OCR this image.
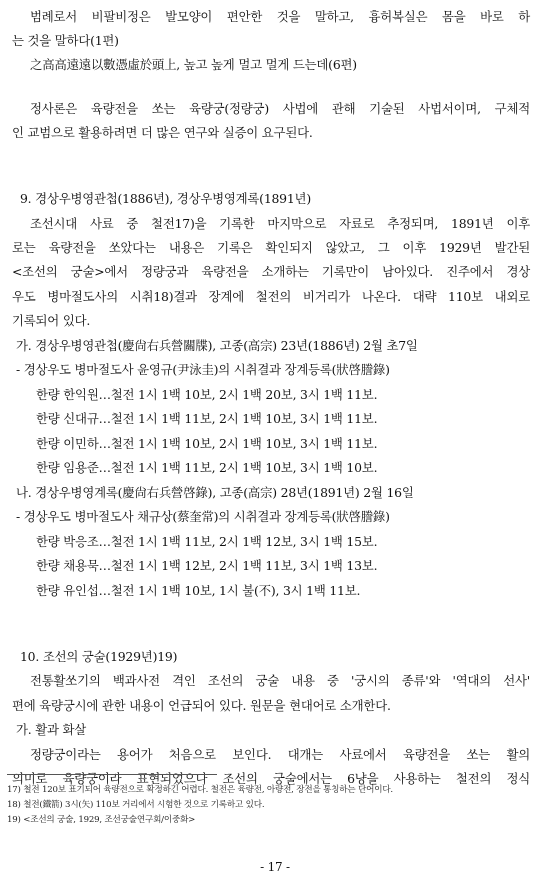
범례로서 비팔비정은 발모양이 편안한 것을 말하고, 흉허복실은 몸을 바로 하
는 것을 말하다(1편)
之高高遠遠以數憑虛於頭上, 높고 높게 멀고 멀게 드는데(6편)
정사론은 육량전을 쏘는 육량궁(정량궁) 사법에 관해 기술된 사법서이며, 구체적
인 교범으로 활용하려면 더 많은 연구와 실증이 요구된다.
9. 경상우병영관첩(1886년), 경상우병영계록(1891년)
조선시대 사료 중 철전17)을 기록한 마지막으로 자료로 추정되며, 1891년 이후
로는 육량전을 쏘았다는 내용은 기록은 확인되지 않았고, 그 이후 1929년 발간된
<조선의 궁술>에서 정량궁과 육량전을 소개하는 기록만이 남아있다. 진주에서 경상
우도 병마절도사의 시취18)결과 장계에 철전의 비거리가 나온다. 대략 110보 내외로
기록되어 있다.
가. 경상우병영관첩(慶尙右兵營關牒), 고종(高宗) 23년(1886년) 2월 초7일
- 경상우도 병마절도사 윤영규(尹泳圭)의 시취결과 장계등록(狀啓謄錄)
한량 한익원…철전 1시 1백 10보, 2시 1백 20보, 3시 1백 11보.
한량 신대규…철전 1시 1백 11보, 2시 1백 10보, 3시 1백 11보.
한량 이민하…철전 1시 1백 10보, 2시 1백 10보, 3시 1백 11보.
한량 임용준…철전 1시 1백 11보, 2시 1백 10보, 3시 1백 10보.
나. 경상우병영계록(慶尙右兵營啓錄), 고종(高宗) 28년(1891년) 2월 16일
- 경상우도 병마절도사 채규상(蔡奎常)의 시취결과 장계등록(狀啓謄錄)
한량 박응조…철전 1시 1백 11보, 2시 1백 12보, 3시 1백 15보.
한량 채용묵…철전 1시 1백 12보, 2시 1백 11보, 3시 1백 13보.
한량 유인섭…철전 1시 1백 10보, 1시 불(不), 3시 1백 11보.
10. 조선의 궁술(1929년)19)
전통활쏘기의 백과사전 격인 조선의 궁술 내용 중 '궁시의 종류'와 '역대의 선사'
편에 육량궁시에 관한 내용이 언급되어 있다. 원문을 현대어로 소개한다.
가. 활과 화살
정량궁이라는 용어가 처음으로 보인다. 대개는 사료에서 육량전을 쏘는 활의
의미로 육량궁이라 표현되었으나 조선의 궁술에서는 6냥을 사용하는 철전의 정식
17) 철전 120보 표기되어 육량전으로 확정하긴 어렵다. 철전은 육량전, 아량전, 장전을 통칭하는 단어이다.
18) 철전(鐵箭) 3시(矢) 110보 거리에서 시험한 것으로 기록하고 있다.
19) <조선의 궁술, 1929, 조선궁술연구회/이중화>
- 17 -
